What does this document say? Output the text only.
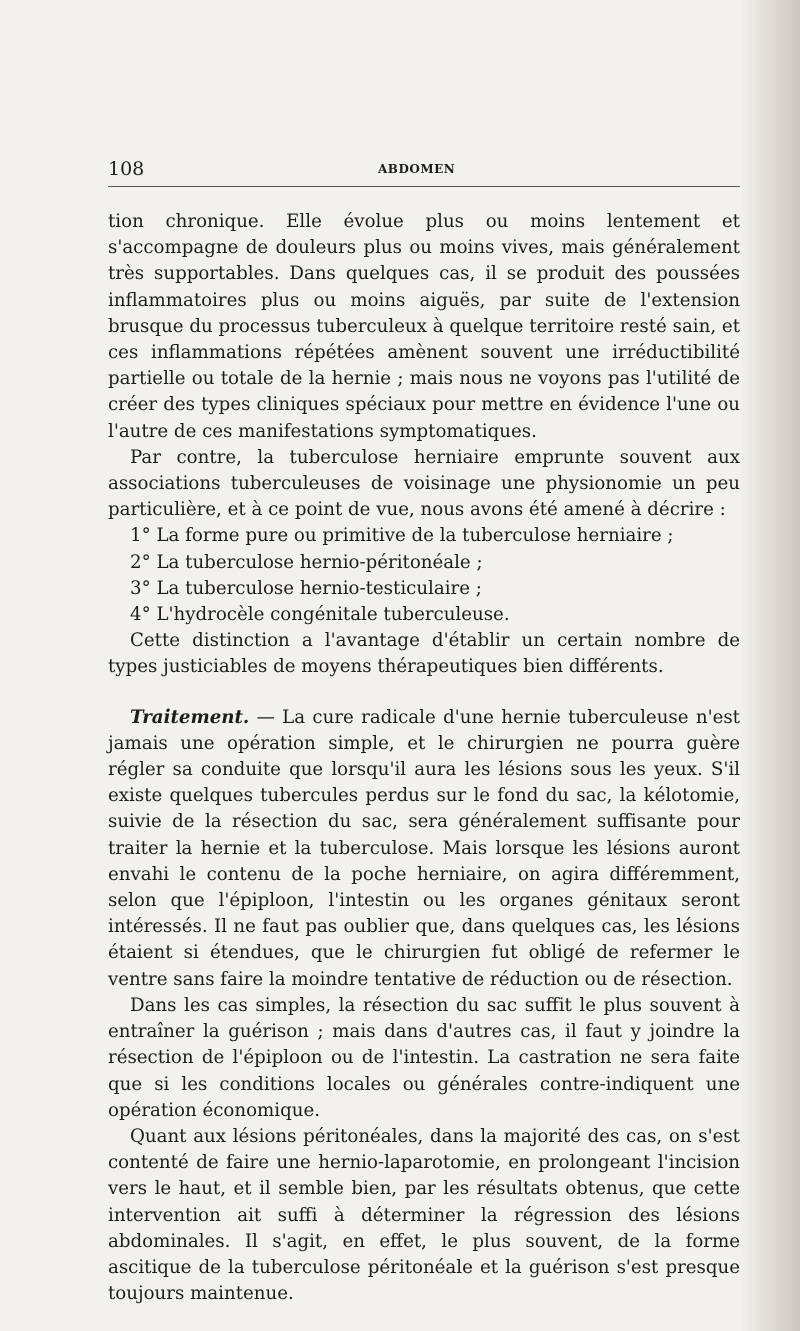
108	ABDOMEN

tion chronique. Elle évolue plus ou moins lentement et s'accompagne de douleurs plus ou moins vives, mais généralement très supportables. Dans quelques cas, il se produit des poussées inflammatoires plus ou moins aiguës, par suite de l'extension brusque du processus tuberculeux à quelque territoire resté sain, et ces inflammations répétées amènent souvent une irréductibilité partielle ou totale de la hernie ; mais nous ne voyons pas l'utilité de créer des types cliniques spéciaux pour mettre en évidence l'une ou l'autre de ces manifestations symptomatiques.

Par contre, la tuberculose herniaire emprunte souvent aux associations tuberculeuses de voisinage une physionomie un peu particulière, et à ce point de vue, nous avons été amené à décrire :

1° La forme pure ou primitive de la tuberculose herniaire ;

2° La tuberculose hernio-péritonéale ;

3° La tuberculose hernio-testiculaire ;

4° L'hydrocèle congénitale tuberculeuse.

Cette distinction a l'avantage d'établir un certain nombre de types justiciables de moyens thérapeutiques bien différents.

Traitement. — La cure radicale d'une hernie tuberculeuse n'est jamais une opération simple, et le chirurgien ne pourra guère régler sa conduite que lorsqu'il aura les lésions sous les yeux. S'il existe quelques tubercules perdus sur le fond du sac, la kélotomie, suivie de la résection du sac, sera généralement suffisante pour traiter la hernie et la tuberculose. Mais lorsque les lésions auront envahi le contenu de la poche herniaire, on agira différemment, selon que l'épiploon, l'intestin ou les organes génitaux seront intéressés. Il ne faut pas oublier que, dans quelques cas, les lésions étaient si étendues, que le chirurgien fut obligé de refermer le ventre sans faire la moindre tentative de réduction ou de résection.

Dans les cas simples, la résection du sac suffit le plus souvent à entraîner la guérison ; mais dans d'autres cas, il faut y joindre la résection de l'épiploon ou de l'intestin. La castration ne sera faite que si les conditions locales ou générales contre-indiquent une opération économique.

Quant aux lésions péritonéales, dans la majorité des cas, on s'est contenté de faire une hernio-laparotomie, en prolongeant l'incision vers le haut, et il semble bien, par les résultats obtenus, que cette intervention ait suffi à déterminer la régression des lésions abdominales. Il s'agit, en effet, le plus souvent, de la forme ascitique de la tuberculose péritonéale et la guérison s'est presque toujours maintenue.
